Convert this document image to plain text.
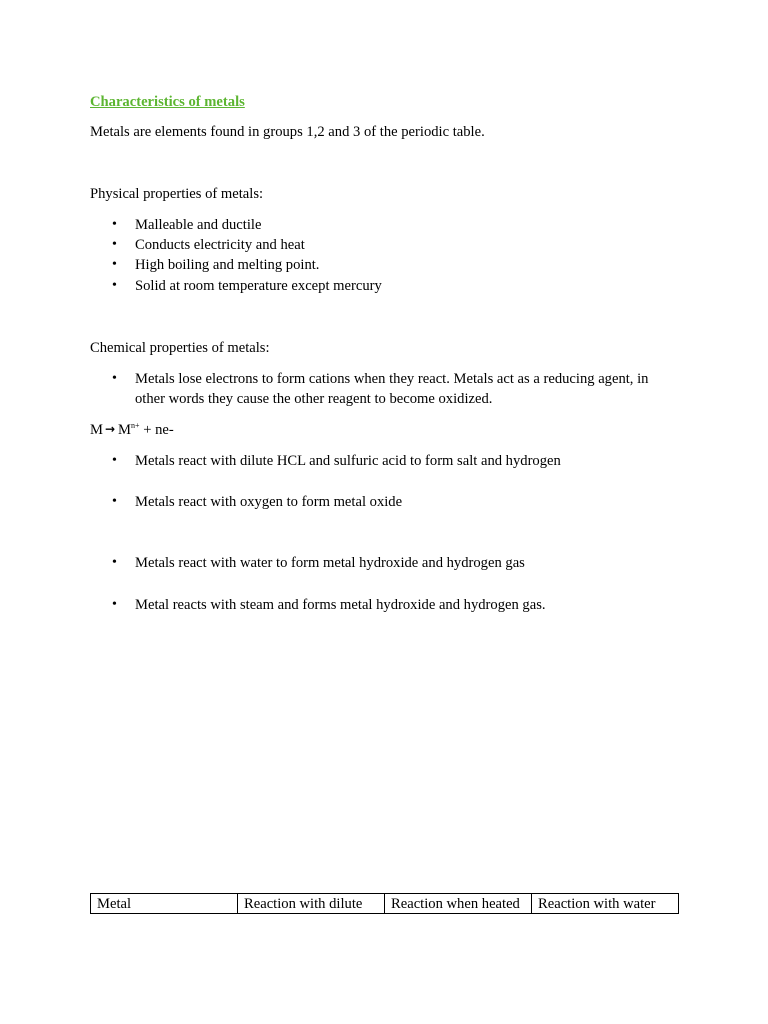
Characteristics of metals
Metals are elements found in groups 1,2 and 3 of the periodic table.
Physical properties of metals:
• Malleable and ductile
• Conducts electricity and heat
• High boiling and melting point.
• Solid at room temperature except mercury
Chemical properties of metals:
• Metals lose electrons to form cations when they react. Metals act as a reducing agent, in
other words they cause the other reagent to become oxidized.
$M \to M^{n+} + ne-$
• Metals react with dilute HCL and sulfuric acid to form salt and hydrogen
• Metals react with oxygen to form metal oxide
• Metals react with water to form metal hydroxide and hydrogen gas
• Metal reacts with steam and forms metal hydroxide and hydrogen gas.
Metal	Reaction with dilute	Reaction when heated	Reaction with water
